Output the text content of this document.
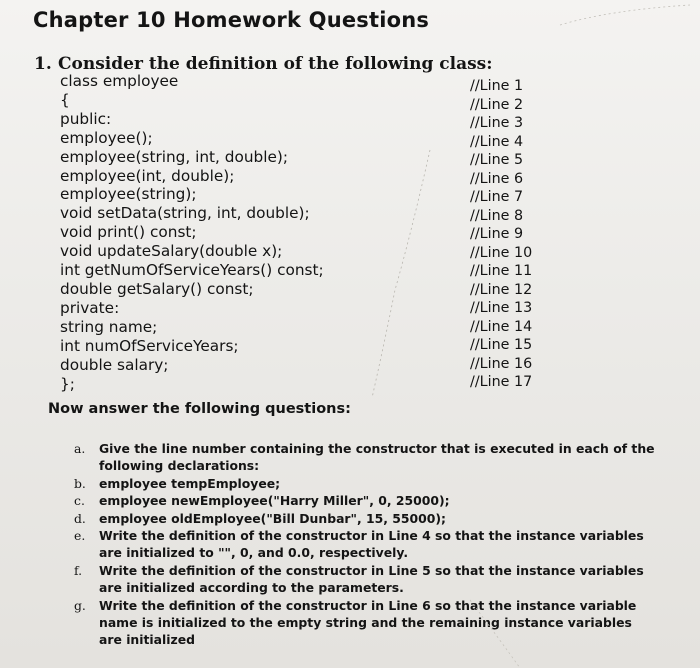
Chapter 10 Homework Questions

1. Consider the definition of the following class:

class employee
{
public:
employee();
employee(string, int, double);
employee(int, double);
employee(string);
void setData(string, int, double);
void print() const;
void updateSalary(double x);
int getNumOfServiceYears() const;
double getSalary() const;
private:
string name;
int numOfServiceYears;
double salary;
};
//Line 1
//Line 2
//Line 3
//Line 4
//Line 5
//Line 6
//Line 7
//Line 8
//Line 9
//Line 10
//Line 11
//Line 12
//Line 13
//Line 14
//Line 15
//Line 16
//Line 17

Now answer the following questions:

a. Give the line number containing the constructor that is executed in each of the following declarations:
b. employee tempEmployee;
c. employee newEmployee("Harry Miller", 0, 25000);
d. employee oldEmployee("Bill Dunbar", 15, 55000);
e. Write the definition of the constructor in Line 4 so that the instance variables are initialized to "", 0, and 0.0, respectively.
f. Write the definition of the constructor in Line 5 so that the instance variables are initialized according to the parameters.
g. Write the definition of the constructor in Line 6 so that the instance variable name is initialized to the empty string and the remaining instance variables are initialized
